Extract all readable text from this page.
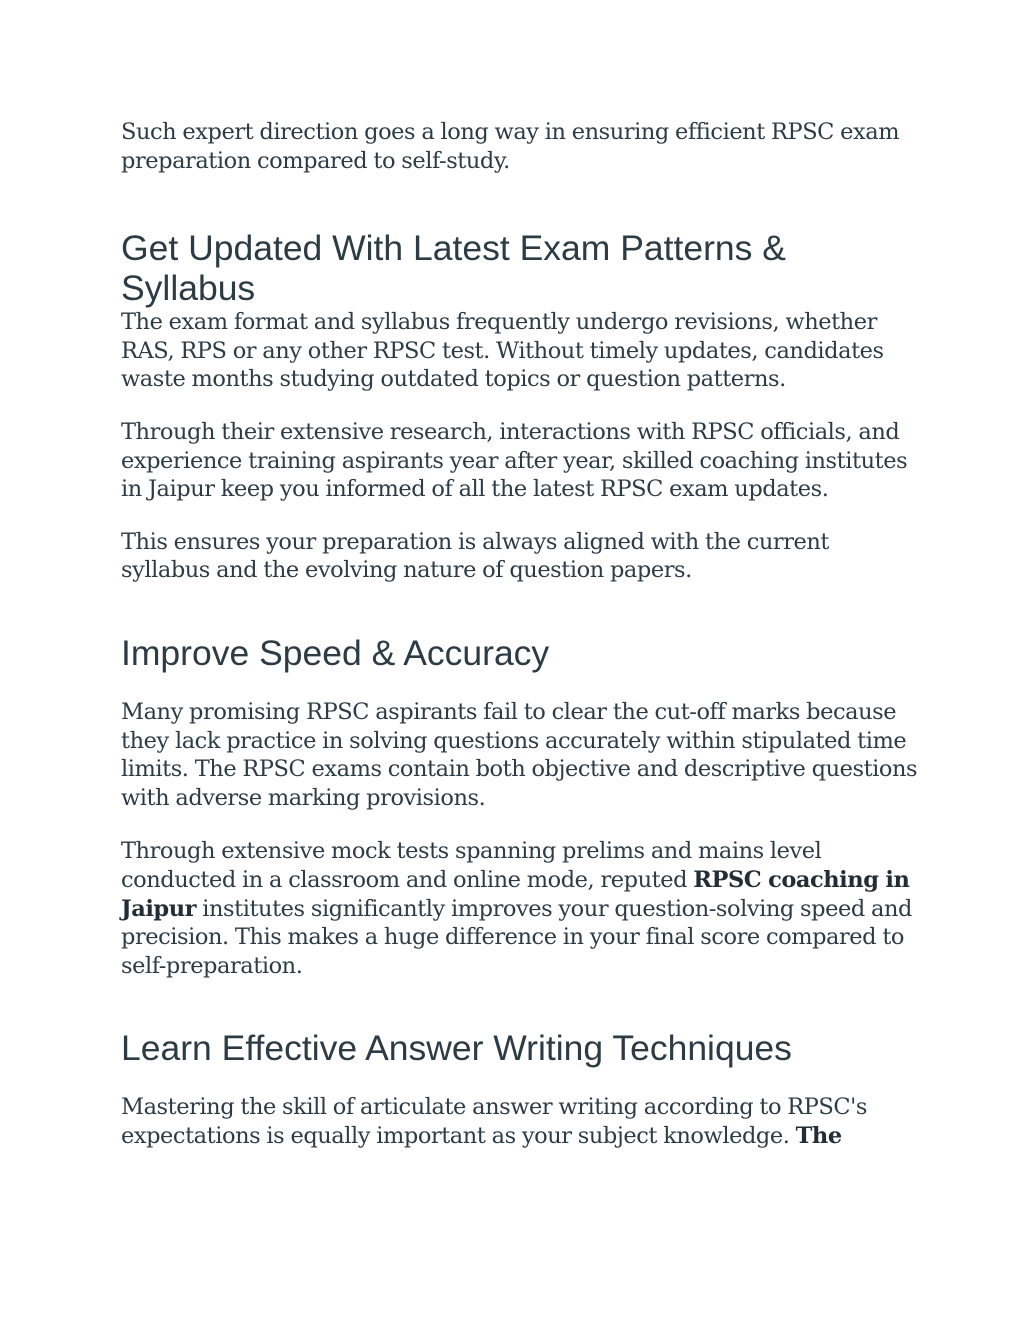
Such expert direction goes a long way in ensuring efficient RPSC exam preparation compared to self-study.

Get Updated With Latest Exam Patterns & Syllabus

The exam format and syllabus frequently undergo revisions, whether RAS, RPS or any other RPSC test. Without timely updates, candidates waste months studying outdated topics or question patterns.

Through their extensive research, interactions with RPSC officials, and experience training aspirants year after year, skilled coaching institutes in Jaipur keep you informed of all the latest RPSC exam updates.

This ensures your preparation is always aligned with the current syllabus and the evolving nature of question papers.

Improve Speed & Accuracy

Many promising RPSC aspirants fail to clear the cut-off marks because they lack practice in solving questions accurately within stipulated time limits. The RPSC exams contain both objective and descriptive questions with adverse marking provisions.

Through extensive mock tests spanning prelims and mains level conducted in a classroom and online mode, reputed RPSC coaching in Jaipur institutes significantly improves your question-solving speed and precision. This makes a huge difference in your final score compared to self-preparation.

Learn Effective Answer Writing Techniques

Mastering the skill of articulate answer writing according to RPSC's expectations is equally important as your subject knowledge. The
